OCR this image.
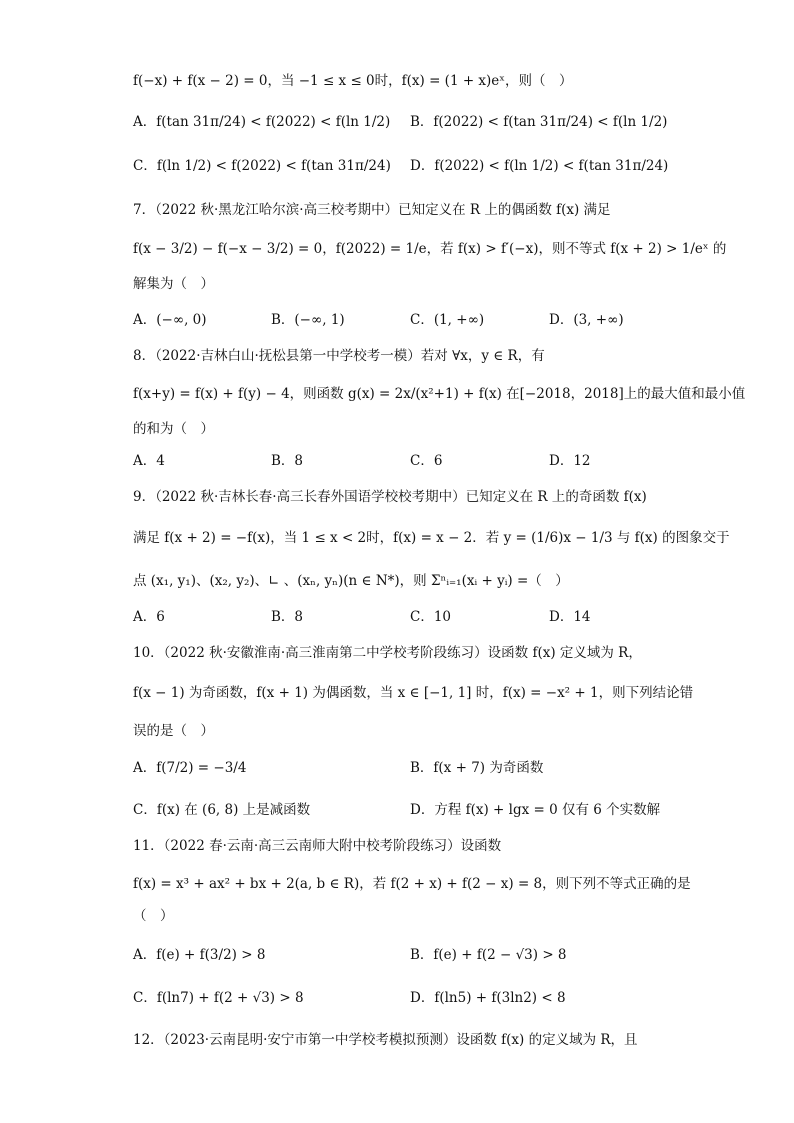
f(−x) + f(x − 2) = 0，当 −1 ≤ x ≤ 0时，f(x) = (1 + x)eˣ，则（　）
A．f(tan 31π/24) < f(2022) < f(ln 1/2) B．f(2022) < f(tan 31π/24) < f(ln 1/2)
C．f(ln 1/2) < f(2022) < f(tan 31π/24) D．f(2022) < f(ln 1/2) < f(tan 31π/24)
7．（2022 秋·黑龙江哈尔滨·高三校考期中）已知定义在 R 上的偶函数 f(x) 满足
f(x − 3/2) − f(−x − 3/2) = 0，f(2022) = 1/e，若 f(x) > f′(−x)，则不等式 f(x + 2) > 1/eˣ 的
解集为（　）
A．(−∞, 0)	B．(−∞, 1)	C．(1, +∞)	D．(3, +∞)
8．（2022·吉林白山·抚松县第一中学校考一模）若对 ∀x，y ∈ R，有
f(x+y) = f(x) + f(y) − 4，则函数 g(x) = 2x/(x²+1) + f(x) 在[−2018，2018]上的最大值和最小值
的和为（　）
A．4	B．8	C．6	D．12
9．（2022 秋·吉林长春·高三长春外国语学校校考期中）已知定义在 R 上的奇函数 f(x)
满足 f(x + 2) = −f(x)，当 1 ≤ x < 2时，f(x) = x − 2．若 y = (1/6)x − 1/3 与 f(x) 的图象交于
点 (x₁, y₁)、(x₂, y₂)、∟ 、(xₙ, yₙ)(n ∈ N*)，则 Σⁿᵢ₌₁(xᵢ + yᵢ) =（　）
A．6	B．8	C．10	D．14
10．（2022 秋·安徽淮南·高三淮南第二中学校考阶段练习）设函数 f(x) 定义域为 R，
f(x − 1) 为奇函数，f(x + 1) 为偶函数，当 x ∈ [−1, 1] 时，f(x) = −x² + 1，则下列结论错
误的是（　）
A．f(7/2) = −3/4	B．f(x + 7) 为奇函数
C．f(x) 在 (6, 8) 上是减函数	D．方程 f(x) + lgx = 0 仅有 6 个实数解
11．（2022 春·云南·高三云南师大附中校考阶段练习）设函数
f(x) = x³ + ax² + bx + 2(a, b ∈ R)，若 f(2 + x) + f(2 − x) = 8，则下列不等式正确的是
（　）
A．f(e) + f(3/2) > 8	B．f(e) + f(2 − √3) > 8
C．f(ln7) + f(2 + √3) > 8	D．f(ln5) + f(3ln2) < 8
12．（2023·云南昆明·安宁市第一中学校考模拟预测）设函数 f(x) 的定义域为 R，且
